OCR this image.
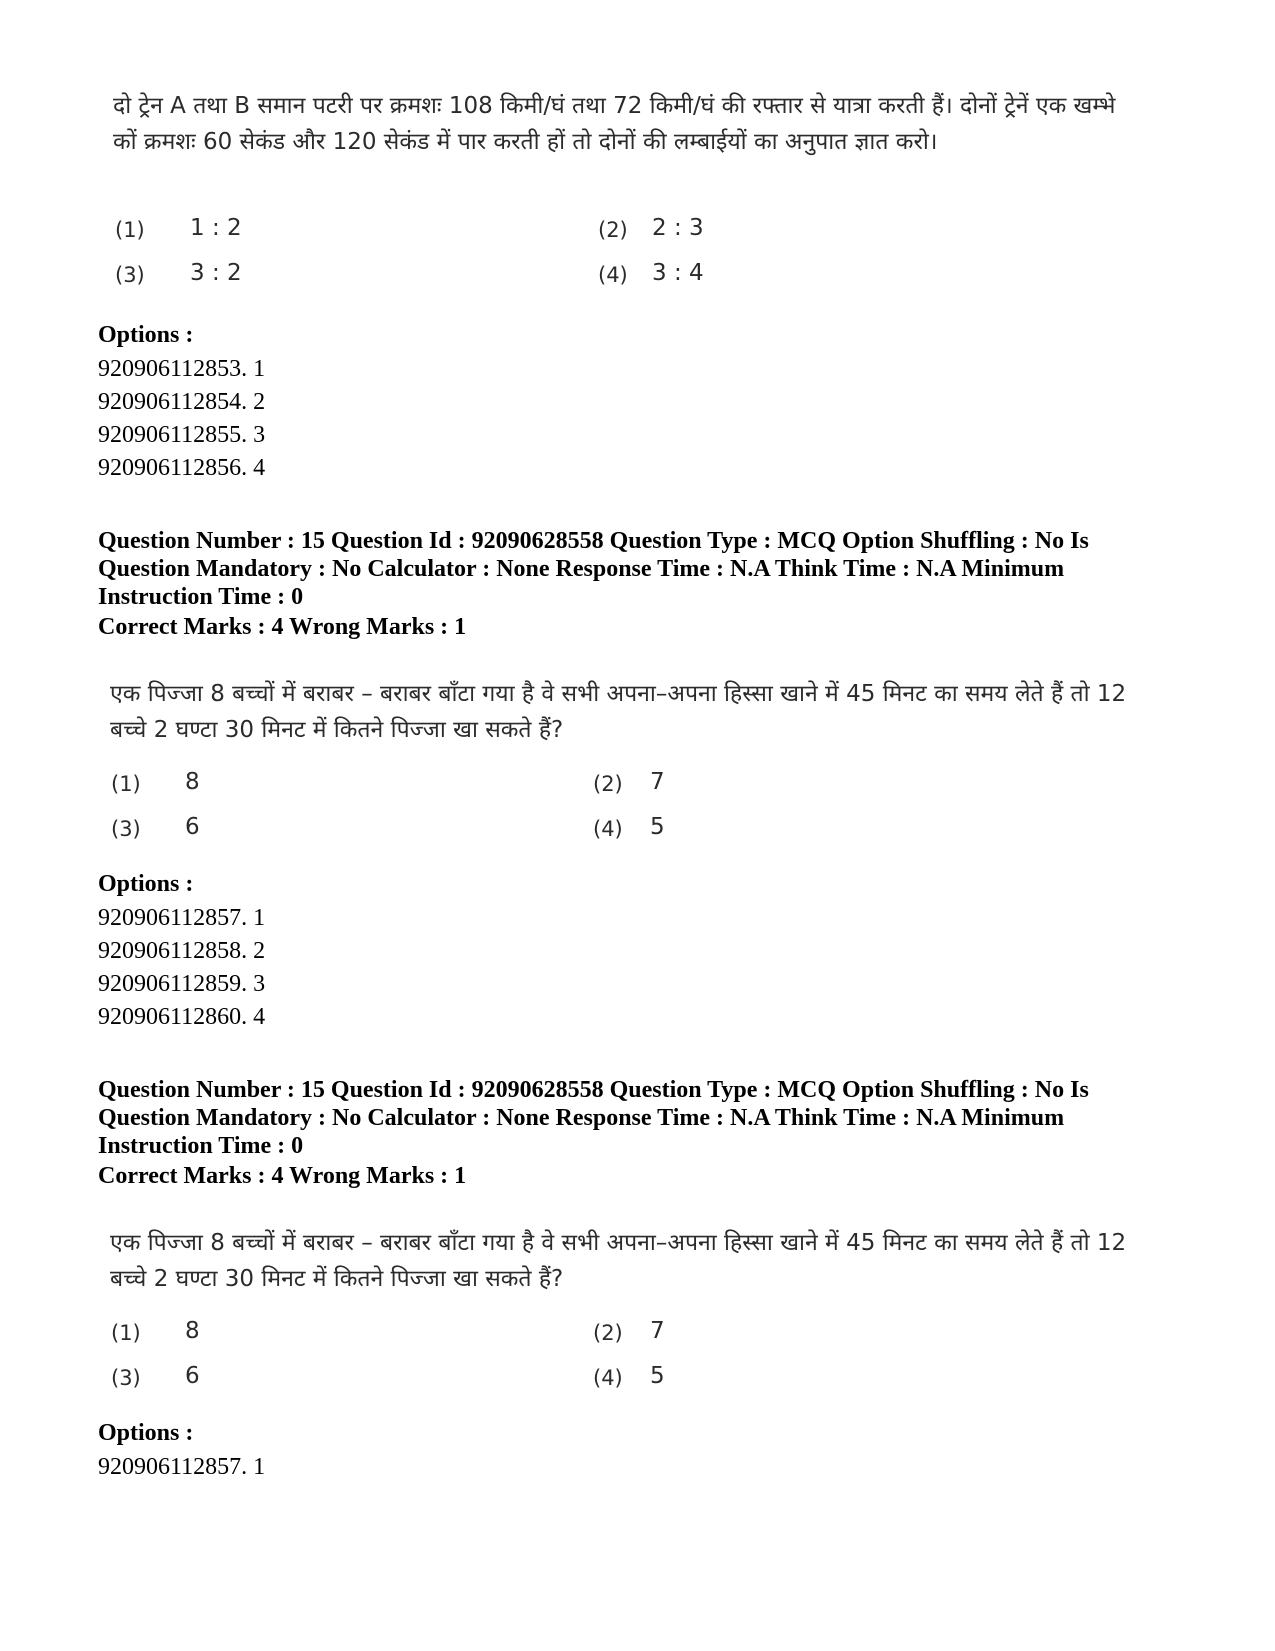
दो ट्रेन A तथा B समान पटरी पर क्रमशः 108 किमी/घं तथा 72 किमी/घं की रफ्तार से यात्रा करती हैं। दोनों ट्रेनें एक खम्भे कों क्रमशः 60 सेकंड और 120 सेकंड में पार करती हों तो दोनों की लम्बाईयों का अनुपात ज्ञात करो।
(1) 1 : 2	(2) 2 : 3
(3) 3 : 2	(4) 3 : 4
Options :
920906112853. 1
920906112854. 2
920906112855. 3
920906112856. 4
Question Number : 15 Question Id : 92090628558 Question Type : MCQ Option Shuffling : No Is Question Mandatory : No Calculator : None Response Time : N.A Think Time : N.A Minimum Instruction Time : 0
Correct Marks : 4 Wrong Marks : 1
एक पिज्जा 8 बच्चों में बराबर – बराबर बाँटा गया है वे सभी अपना–अपना हिस्सा खाने में 45 मिनट का समय लेते हैं तो 12 बच्चे 2 घण्टा 30 मिनट में कितने पिज्जा खा सकते हैं?
(1) 8	(2) 7
(3) 6	(4) 5
Options :
920906112857. 1
920906112858. 2
920906112859. 3
920906112860. 4
Question Number : 15 Question Id : 92090628558 Question Type : MCQ Option Shuffling : No Is Question Mandatory : No Calculator : None Response Time : N.A Think Time : N.A Minimum Instruction Time : 0
Correct Marks : 4 Wrong Marks : 1
एक पिज्जा 8 बच्चों में बराबर – बराबर बाँटा गया है वे सभी अपना–अपना हिस्सा खाने में 45 मिनट का समय लेते हैं तो 12 बच्चे 2 घण्टा 30 मिनट में कितने पिज्जा खा सकते हैं?
(1) 8	(2) 7
(3) 6	(4) 5
Options :
920906112857. 1
